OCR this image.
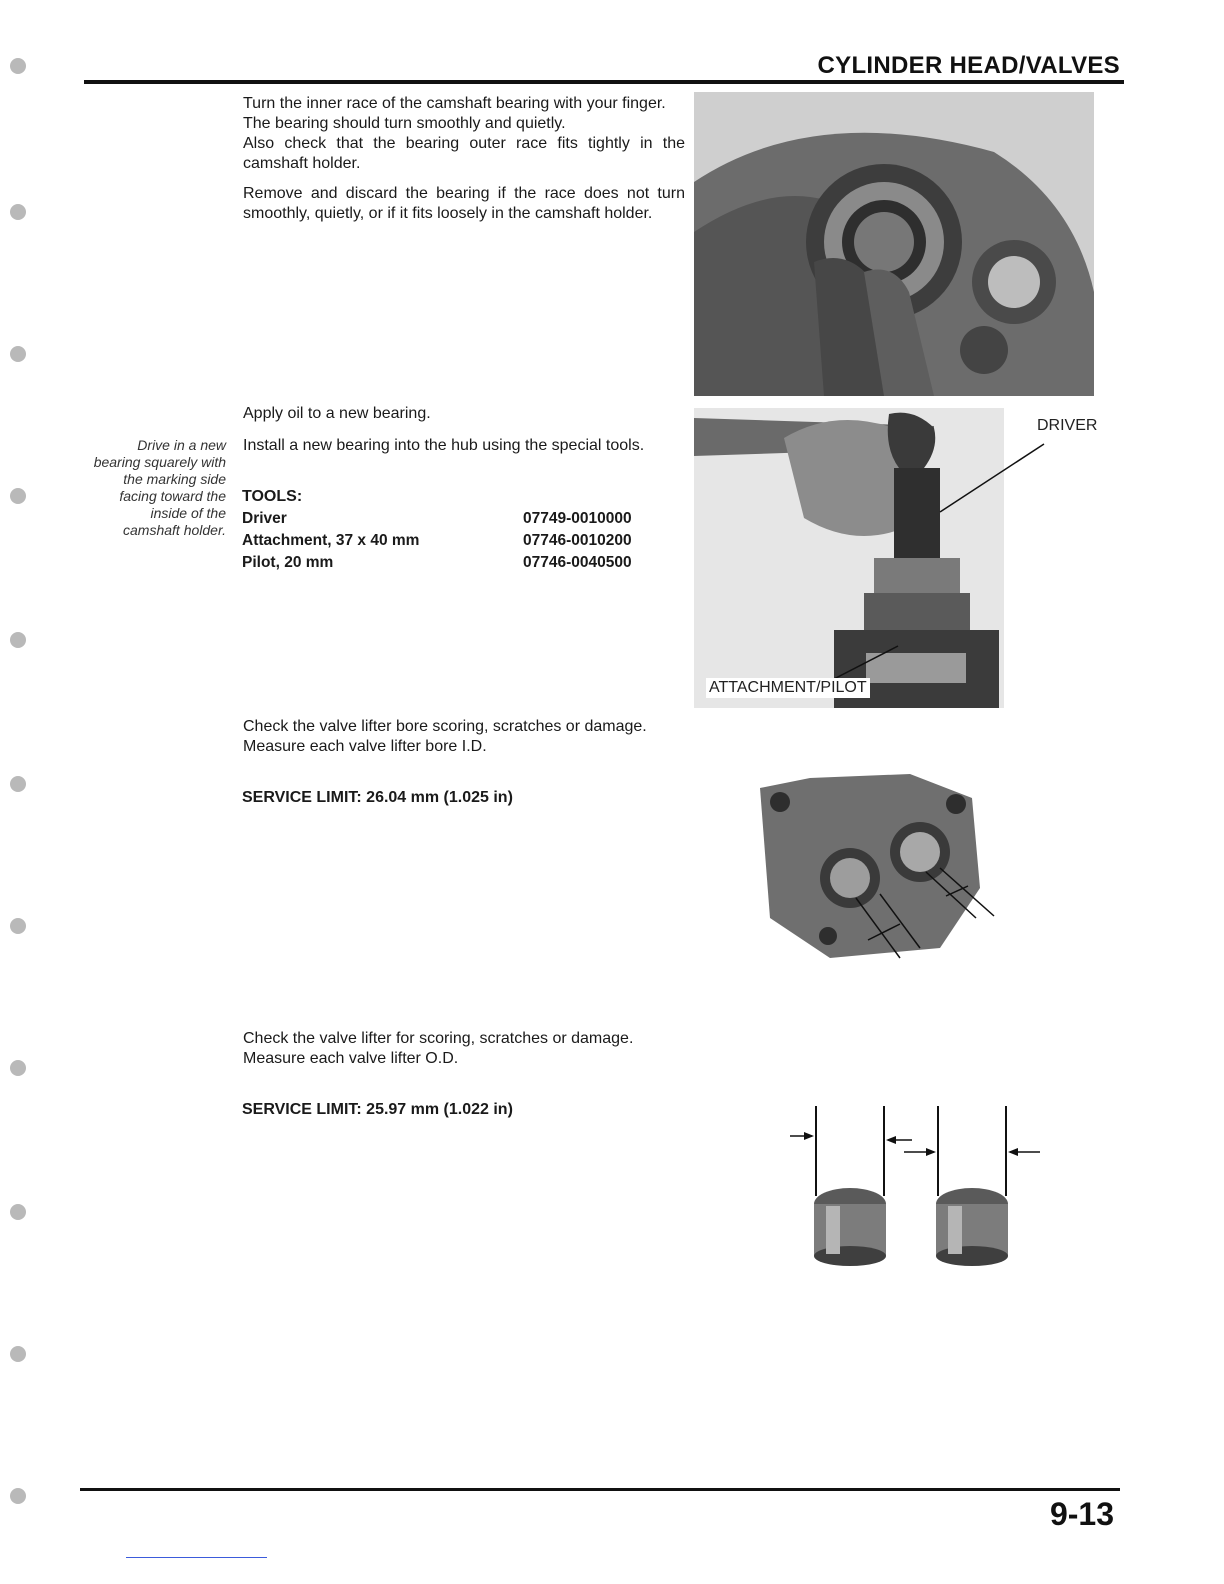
CYLINDER HEAD/VALVES

Turn the inner race of the camshaft bearing with your finger.

The bearing should turn smoothly and quietly.

Also check that the bearing outer race fits tightly in the camshaft holder.

Remove and discard the bearing if the race does not turn smoothly, quietly, or if it fits loosely in the camshaft holder.

Apply oil to a new bearing.
Install a new bearing into the hub using the special tools.
Drive in a new bearing squarely with the marking side facing toward the inside of the camshaft holder.
TOOLS:
Driver	07749-0010000
Attachment, 37 x 40 mm	07746-0010200
Pilot, 20 mm	07746-0040500
DRIVER
ATTACHMENT/PILOT

Check the valve lifter bore scoring, scratches or damage.

Measure each valve lifter bore I.D.

SERVICE LIMIT: 26.04 mm (1.025 in)

Check the valve lifter for scoring, scratches or damage.

Measure each valve lifter O.D.

SERVICE LIMIT: 25.97 mm (1.022 in)
9-13
